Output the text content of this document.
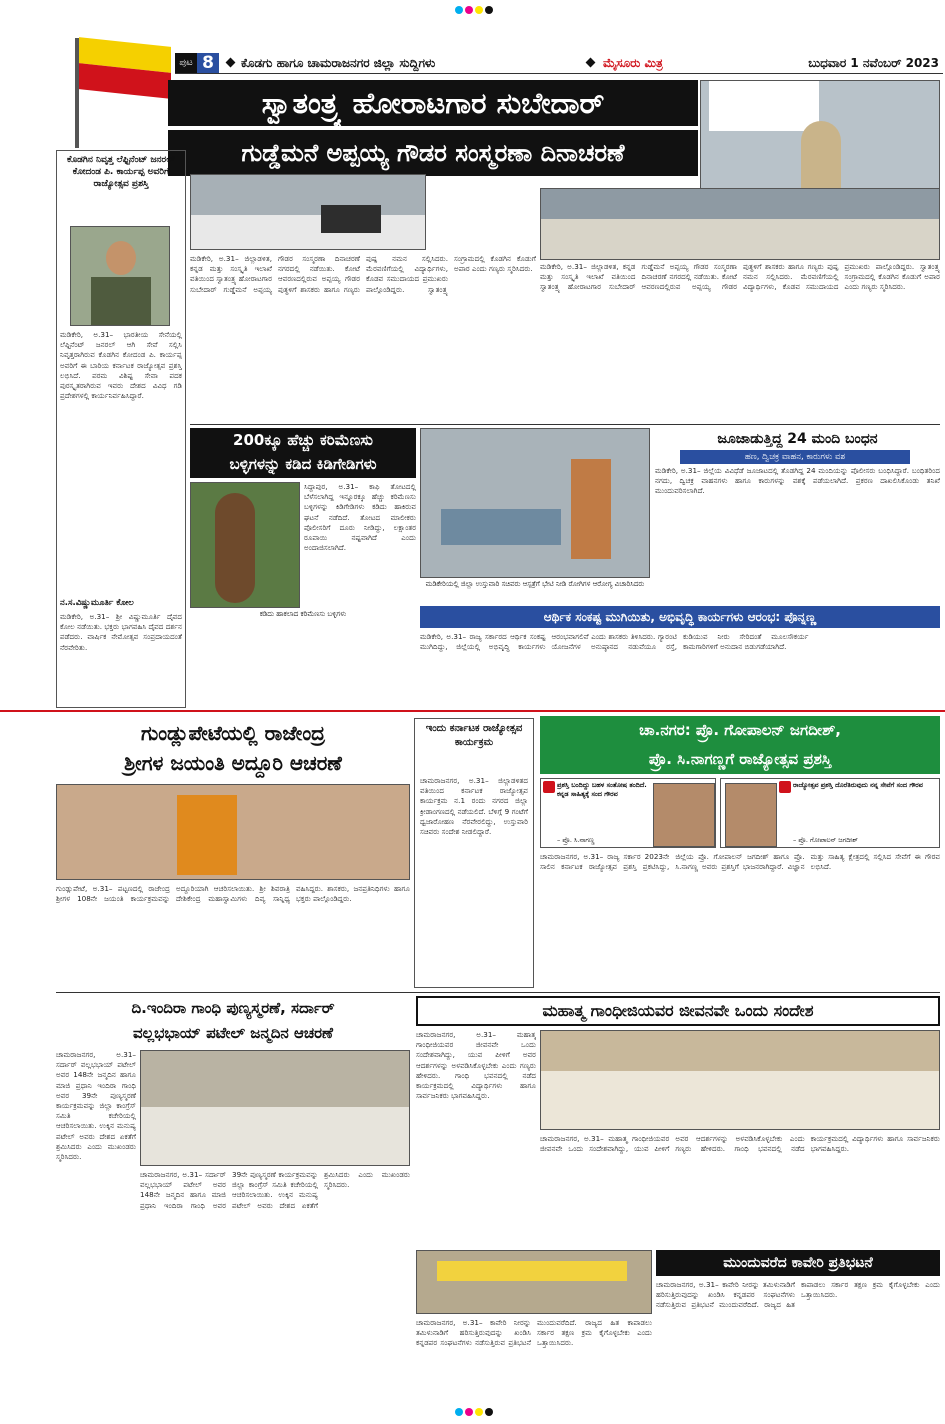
ಪುಟ 8	ಕೊಡಗು ಹಾಗೂ ಚಾಮರಾಜನಗರ ಜಿಲ್ಲಾ ಸುದ್ದಿಗಳು	ಮೈಸೂರು ಮಿತ್ರ	ಬುಧವಾರ 1 ನವೆಂಬರ್ 2023
ಸ್ವಾತಂತ್ರ್ಯ ಹೋರಾಟಗಾರ ಸುಬೇದಾರ್
ಗುಡ್ಡೆಮನೆ ಅಪ್ಪಯ್ಯ ಗೌಡರ ಸಂಸ್ಮರಣಾ ದಿನಾಚರಣೆ
ಕೊಡಗಿನ ನಿವೃತ್ತ ಲೆಫ್ಟಿನೆಂಟ್ ಜನರಲ್ ಕೋದಂಡ ಪಿ. ಕಾರ್ಯಪ್ಪ ಅವರಿಗೆ ರಾಜ್ಯೋತ್ಸವ ಪ್ರಶಸ್ತಿ
ಮಡಿಕೇರಿ, ಅ.31– ಭಾರತೀಯ ಸೇನೆಯಲ್ಲಿ ಲೆಫ್ಟಿನೆಂಟ್ ಜನರಲ್ ಆಗಿ ಸೇವೆ ಸಲ್ಲಿಸಿ ನಿವೃತ್ತರಾಗಿರುವ ಕೊಡಗಿನ ಕೋದಂಡ ಪಿ. ಕಾರ್ಯಪ್ಪ ಅವರಿಗೆ ಈ ಬಾರಿಯ ಕರ್ನಾಟಕ ರಾಜ್ಯೋತ್ಸವ ಪ್ರಶಸ್ತಿ ಲಭಿಸಿದೆ. ಪರಮ ವಿಶಿಷ್ಟ ಸೇವಾ ಪದಕ ಪುರಸ್ಕೃತರಾಗಿರುವ ಇವರು ದೇಶದ ವಿವಿಧ ಗಡಿ ಪ್ರದೇಶಗಳಲ್ಲಿ ಕಾರ್ಯನಿರ್ವಹಿಸಿದ್ದಾರೆ.
ನ.ಸ.ವಿಷ್ಣುಮೂರ್ತಿ ಕೋಲ
ಮಡಿಕೇರಿ, ಅ.31– ಶ್ರೀ ವಿಷ್ಣುಮೂರ್ತಿ ದೈವದ ಕೋಲ ನಡೆಯಿತು. ಭಕ್ತರು ಭಾಗವಹಿಸಿ ದೈವದ ದರ್ಶನ ಪಡೆದರು. ವಾರ್ಷಿಕ ನೇಮೋತ್ಸವ ಸಂಪ್ರದಾಯದಂತೆ ನೆರವೇರಿತು.
ಮಡಿಕೇರಿ, ಅ.31– ಜಿಲ್ಲಾಡಳಿತ, ಕನ್ನಡ ಮತ್ತು ಸಂಸ್ಕೃತಿ ಇಲಾಖೆ ವತಿಯಿಂದ ಸ್ವಾತಂತ್ರ್ಯ ಹೋರಾಟಗಾರ ಸುಬೇದಾರ್ ಗುಡ್ಡೆಮನೆ ಅಪ್ಪಯ್ಯ ಗೌಡರ ಸಂಸ್ಮರಣಾ ದಿನಾಚರಣೆ ನಗರದಲ್ಲಿ ನಡೆಯಿತು. ಕೋಟೆ ಆವರಣದಲ್ಲಿರುವ ಅಪ್ಪಯ್ಯ ಗೌಡರ ಪುತ್ಥಳಿಗೆ ಶಾಸಕರು ಹಾಗೂ ಗಣ್ಯರು ಪುಷ್ಪ ನಮನ ಸಲ್ಲಿಸಿದರು. ಮೆರವಣಿಗೆಯಲ್ಲಿ ವಿದ್ಯಾರ್ಥಿಗಳು, ಕೊಡವ ಸಮುದಾಯದ ಪ್ರಮುಖರು ಪಾಲ್ಗೊಂಡಿದ್ದರು. ಸ್ವಾತಂತ್ರ್ಯ ಸಂಗ್ರಾಮದಲ್ಲಿ ಕೊಡಗಿನ ಕೊಡುಗೆ ಅಪಾರ ಎಂದು ಗಣ್ಯರು ಸ್ಮರಿಸಿದರು.	ಮಡಿಕೇರಿ, ಅ.31– ಜಿಲ್ಲಾಡಳಿತ, ಕನ್ನಡ ಮತ್ತು ಸಂಸ್ಕೃತಿ ಇಲಾಖೆ ವತಿಯಿಂದ ಸ್ವಾತಂತ್ರ್ಯ ಹೋರಾಟಗಾರ ಸುಬೇದಾರ್ ಗುಡ್ಡೆಮನೆ ಅಪ್ಪಯ್ಯ ಗೌಡರ ಸಂಸ್ಮರಣಾ ದಿನಾಚರಣೆ ನಗರದಲ್ಲಿ ನಡೆಯಿತು. ಕೋಟೆ ಆವರಣದಲ್ಲಿರುವ ಅಪ್ಪಯ್ಯ ಗೌಡರ ಪುತ್ಥಳಿಗೆ ಶಾಸಕರು ಹಾಗೂ ಗಣ್ಯರು ಪುಷ್ಪ ನಮನ ಸಲ್ಲಿಸಿದರು. ಮೆರವಣಿಗೆಯಲ್ಲಿ ವಿದ್ಯಾರ್ಥಿಗಳು, ಕೊಡವ ಸಮುದಾಯದ ಪ್ರಮುಖರು ಪಾಲ್ಗೊಂಡಿದ್ದರು. ಸ್ವಾತಂತ್ರ್ಯ ಸಂಗ್ರಾಮದಲ್ಲಿ ಕೊಡಗಿನ ಕೊಡುಗೆ ಅಪಾರ ಎಂದು ಗಣ್ಯರು ಸ್ಮರಿಸಿದರು.
200ಕ್ಕೂ ಹೆಚ್ಚು ಕರಿಮೆಣಸು
ಬಳ್ಳಿಗಳನ್ನು ಕಡಿದ ಕಿಡಿಗೇಡಿಗಳು
ಸಿದ್ದಾಪುರ, ಅ.31– ಕಾಫಿ ತೋಟದಲ್ಲಿ ಬೆಳೆಸಲಾಗಿದ್ದ ಇನ್ನೂರಕ್ಕೂ ಹೆಚ್ಚು ಕರಿಮೆಣಸು ಬಳ್ಳಿಗಳನ್ನು ಕಿಡಿಗೇಡಿಗಳು ಕಡಿದು ಹಾಕಿರುವ ಘಟನೆ ನಡೆದಿದೆ. ತೋಟದ ಮಾಲೀಕರು ಪೊಲೀಸರಿಗೆ ದೂರು ನೀಡಿದ್ದು, ಲಕ್ಷಾಂತರ ರೂಪಾಯಿ ನಷ್ಟವಾಗಿದೆ ಎಂದು ಅಂದಾಜಿಸಲಾಗಿದೆ.
ಕಡಿದು ಹಾಕಲಾದ ಕರಿಮೆಣಸು ಬಳ್ಳಿಗಳು
ಮಡಿಕೇರಿಯಲ್ಲಿ ಜಿಲ್ಲಾ ಉಸ್ತುವಾರಿ ಸಚಿವರು ಆಸ್ಪತ್ರೆಗೆ ಭೇಟಿ ನೀಡಿ ರೋಗಿಗಳ ಆರೋಗ್ಯ ವಿಚಾರಿಸಿದರು
ಜೂಜಾಡುತ್ತಿದ್ದ 24 ಮಂದಿ ಬಂಧನ
ಹಣ, ದ್ವಿಚಕ್ರ ವಾಹನ, ಕಾರುಗಳು ವಶ
ಮಡಿಕೇರಿ, ಅ.31– ಜಿಲ್ಲೆಯ ವಿವಿಧೆಡೆ ಜೂಜಾಟದಲ್ಲಿ ತೊಡಗಿದ್ದ 24 ಮಂದಿಯನ್ನು ಪೊಲೀಸರು ಬಂಧಿಸಿದ್ದಾರೆ. ಬಂಧಿತರಿಂದ ನಗದು, ದ್ವಿಚಕ್ರ ವಾಹನಗಳು ಹಾಗೂ ಕಾರುಗಳನ್ನು ವಶಕ್ಕೆ ಪಡೆಯಲಾಗಿದೆ. ಪ್ರಕರಣ ದಾಖಲಿಸಿಕೊಂಡು ತನಿಖೆ ಮುಂದುವರಿಸಲಾಗಿದೆ.
ಆರ್ಥಿಕ ಸಂಕಷ್ಟ ಮುಗಿಯಿತು, ಅಭಿವೃದ್ಧಿ ಕಾರ್ಯಗಳು ಆರಂಭ: ಪೊನ್ನಣ್ಣ
ಮಡಿಕೇರಿ, ಅ.31– ರಾಜ್ಯ ಸರ್ಕಾರದ ಆರ್ಥಿಕ ಸಂಕಷ್ಟ ಮುಗಿದಿದ್ದು, ಜಿಲ್ಲೆಯಲ್ಲಿ ಅಭಿವೃದ್ಧಿ ಕಾರ್ಯಗಳು ಆರಂಭವಾಗಲಿವೆ ಎಂದು ಶಾಸಕರು ತಿಳಿಸಿದರು. ಗ್ಯಾರಂಟಿ ಯೋಜನೆಗಳ ಅನುಷ್ಠಾನದ ನಡುವೆಯೂ ರಸ್ತೆ, ಕುಡಿಯುವ ನೀರು ಸೇರಿದಂತೆ ಮೂಲಸೌಕರ್ಯ ಕಾಮಗಾರಿಗಳಿಗೆ ಅನುದಾನ ಬಿಡುಗಡೆಯಾಗಿದೆ.
ಗುಂಡ್ಲುಪೇಟೆಯಲ್ಲಿ ರಾಜೇಂದ್ರ
ಶ್ರೀಗಳ ಜಯಂತಿ ಅದ್ದೂರಿ ಆಚರಣೆ
ಗುಂಡ್ಲುಪೇಟೆ, ಅ.31– ಪಟ್ಟಣದಲ್ಲಿ ರಾಜೇಂದ್ರ ಶ್ರೀಗಳ 108ನೇ ಜಯಂತಿ ಕಾರ್ಯಕ್ರಮವನ್ನು ಅದ್ದೂರಿಯಾಗಿ ಆಚರಿಸಲಾಯಿತು. ಶ್ರೀ ಶಿವರಾತ್ರಿ ದೇಶಿಕೇಂದ್ರ ಮಹಾಸ್ವಾಮಿಗಳು ದಿವ್ಯ ಸಾನ್ನಿಧ್ಯ ವಹಿಸಿದ್ದರು. ಶಾಸಕರು, ಜನಪ್ರತಿನಿಧಿಗಳು ಹಾಗೂ ಭಕ್ತರು ಪಾಲ್ಗೊಂಡಿದ್ದರು.
ಇಂದು ಕರ್ನಾಟಕ ರಾಜ್ಯೋತ್ಸವ ಕಾರ್ಯಕ್ರಮ
ಚಾಮರಾಜನಗರ, ಅ.31– ಜಿಲ್ಲಾಡಳಿತದ ವತಿಯಿಂದ ಕರ್ನಾಟಕ ರಾಜ್ಯೋತ್ಸವ ಕಾರ್ಯಕ್ರಮ ನ.1 ರಂದು ನಗರದ ಜಿಲ್ಲಾ ಕ್ರೀಡಾಂಗಣದಲ್ಲಿ ನಡೆಯಲಿದೆ. ಬೆಳಿಗ್ಗೆ 9 ಗಂಟೆಗೆ ಧ್ವಜಾರೋಹಣ ನೆರವೇರಲಿದ್ದು, ಉಸ್ತುವಾರಿ ಸಚಿವರು ಸಂದೇಶ ನೀಡಲಿದ್ದಾರೆ.
ಚಾ.ನಗರ: ಪ್ರೊ. ಗೋಪಾಲನ್ ಜಗದೀಶ್,
ಪ್ರೊ. ಸಿ.ನಾಗಣ್ಣಗೆ ರಾಜ್ಯೋತ್ಸವ ಪ್ರಶಸ್ತಿ
ಪ್ರಶಸ್ತಿ ಬಂದಿದ್ದು ಬಹಳ ಸಂತೋಷ ತಂದಿದೆ. ಕನ್ನಡ ಸಾಹಿತ್ಯಕ್ಕೆ ಸಂದ ಗೌರವ
– ಪ್ರೊ. ಸಿ.ನಾಗಣ್ಣ
ರಾಜ್ಯೋತ್ಸವ ಪ್ರಶಸ್ತಿ ದೊರೆತಿರುವುದು ನನ್ನ ಸೇವೆಗೆ ಸಂದ ಗೌರವ
– ಪ್ರೊ. ಗೋಪಾಲನ್ ಜಗದೀಶ್
ಚಾಮರಾಜನಗರ, ಅ.31– ರಾಜ್ಯ ಸರ್ಕಾರ 2023ನೇ ಸಾಲಿನ ಕರ್ನಾಟಕ ರಾಜ್ಯೋತ್ಸವ ಪ್ರಶಸ್ತಿ ಪ್ರಕಟಿಸಿದ್ದು, ಜಿಲ್ಲೆಯ ಪ್ರೊ. ಗೋಪಾಲನ್ ಜಗದೀಶ್ ಹಾಗೂ ಪ್ರೊ. ಸಿ.ನಾಗಣ್ಣ ಅವರು ಪ್ರಶಸ್ತಿಗೆ ಭಾಜನರಾಗಿದ್ದಾರೆ. ವಿಜ್ಞಾನ ಮತ್ತು ಸಾಹಿತ್ಯ ಕ್ಷೇತ್ರದಲ್ಲಿ ಸಲ್ಲಿಸಿದ ಸೇವೆಗೆ ಈ ಗೌರವ ಲಭಿಸಿದೆ.
ದಿ.ಇಂದಿರಾ ಗಾಂಧಿ ಪುಣ್ಯಸ್ಮರಣೆ, ಸರ್ದಾರ್
ವಲ್ಲಭಭಾಯ್ ಪಟೇಲ್ ಜನ್ಮದಿನ ಆಚರಣೆ
ಚಾಮರಾಜನಗರ, ಅ.31– ಸರ್ದಾರ್ ವಲ್ಲಭಭಾಯ್ ಪಟೇಲ್ ಅವರ 148ನೇ ಜನ್ಮದಿನ ಹಾಗೂ ಮಾಜಿ ಪ್ರಧಾನಿ ಇಂದಿರಾ ಗಾಂಧಿ ಅವರ 39ನೇ ಪುಣ್ಯಸ್ಮರಣೆ ಕಾರ್ಯಕ್ರಮವನ್ನು ಜಿಲ್ಲಾ ಕಾಂಗ್ರೆಸ್ ಸಮಿತಿ ಕಚೇರಿಯಲ್ಲಿ ಆಚರಿಸಲಾಯಿತು. ಉಕ್ಕಿನ ಮನುಷ್ಯ ಪಟೇಲ್ ಅವರು ದೇಶದ ಏಕತೆಗೆ ಶ್ರಮಿಸಿದರು ಎಂದು ಮುಖಂಡರು ಸ್ಮರಿಸಿದರು.
ಚಾಮರಾಜನಗರ, ಅ.31– ಸರ್ದಾರ್ ವಲ್ಲಭಭಾಯ್ ಪಟೇಲ್ ಅವರ 148ನೇ ಜನ್ಮದಿನ ಹಾಗೂ ಮಾಜಿ ಪ್ರಧಾನಿ ಇಂದಿರಾ ಗಾಂಧಿ ಅವರ 39ನೇ ಪುಣ್ಯಸ್ಮರಣೆ ಕಾರ್ಯಕ್ರಮವನ್ನು ಜಿಲ್ಲಾ ಕಾಂಗ್ರೆಸ್ ಸಮಿತಿ ಕಚೇರಿಯಲ್ಲಿ ಆಚರಿಸಲಾಯಿತು. ಉಕ್ಕಿನ ಮನುಷ್ಯ ಪಟೇಲ್ ಅವರು ದೇಶದ ಏಕತೆಗೆ ಶ್ರಮಿಸಿದರು ಎಂದು ಮುಖಂಡರು ಸ್ಮರಿಸಿದರು.
ಮಹಾತ್ಮ ಗಾಂಧೀಜಿಯವರ ಜೀವನವೇ ಒಂದು ಸಂದೇಶ
ಚಾಮರಾಜನಗರ, ಅ.31– ಮಹಾತ್ಮ ಗಾಂಧೀಜಿಯವರ ಜೀವನವೇ ಒಂದು ಸಂದೇಶವಾಗಿದ್ದು, ಯುವ ಪೀಳಿಗೆ ಅವರ ಆದರ್ಶಗಳನ್ನು ಅಳವಡಿಸಿಕೊಳ್ಳಬೇಕು ಎಂದು ಗಣ್ಯರು ಹೇಳಿದರು. ಗಾಂಧಿ ಭವನದಲ್ಲಿ ನಡೆದ ಕಾರ್ಯಕ್ರಮದಲ್ಲಿ ವಿದ್ಯಾರ್ಥಿಗಳು ಹಾಗೂ ಸಾರ್ವಜನಿಕರು ಭಾಗವಹಿಸಿದ್ದರು.
ಚಾಮರಾಜನಗರ, ಅ.31– ಮಹಾತ್ಮ ಗಾಂಧೀಜಿಯವರ ಜೀವನವೇ ಒಂದು ಸಂದೇಶವಾಗಿದ್ದು, ಯುವ ಪೀಳಿಗೆ ಅವರ ಆದರ್ಶಗಳನ್ನು ಅಳವಡಿಸಿಕೊಳ್ಳಬೇಕು ಎಂದು ಗಣ್ಯರು ಹೇಳಿದರು. ಗಾಂಧಿ ಭವನದಲ್ಲಿ ನಡೆದ ಕಾರ್ಯಕ್ರಮದಲ್ಲಿ ವಿದ್ಯಾರ್ಥಿಗಳು ಹಾಗೂ ಸಾರ್ವಜನಿಕರು ಭಾಗವಹಿಸಿದ್ದರು.
ಚಾಮರಾಜನಗರ, ಅ.31– ಕಾವೇರಿ ನೀರನ್ನು ತಮಿಳುನಾಡಿಗೆ ಹರಿಸುತ್ತಿರುವುದನ್ನು ಖಂಡಿಸಿ ಕನ್ನಡಪರ ಸಂಘಟನೆಗಳು ನಡೆಸುತ್ತಿರುವ ಪ್ರತಿಭಟನೆ ಮುಂದುವರೆದಿದೆ. ರಾಜ್ಯದ ಹಿತ ಕಾಪಾಡಲು ಸರ್ಕಾರ ತಕ್ಷಣ ಕ್ರಮ ಕೈಗೊಳ್ಳಬೇಕು ಎಂದು ಒತ್ತಾಯಿಸಿದರು.
ಮುಂದುವರೆದ ಕಾವೇರಿ ಪ್ರತಿಭಟನೆ
ಚಾಮರಾಜನಗರ, ಅ.31– ಕಾವೇರಿ ನೀರನ್ನು ತಮಿಳುನಾಡಿಗೆ ಹರಿಸುತ್ತಿರುವುದನ್ನು ಖಂಡಿಸಿ ಕನ್ನಡಪರ ಸಂಘಟನೆಗಳು ನಡೆಸುತ್ತಿರುವ ಪ್ರತಿಭಟನೆ ಮುಂದುವರೆದಿದೆ. ರಾಜ್ಯದ ಹಿತ ಕಾಪಾಡಲು ಸರ್ಕಾರ ತಕ್ಷಣ ಕ್ರಮ ಕೈಗೊಳ್ಳಬೇಕು ಎಂದು ಒತ್ತಾಯಿಸಿದರು.
